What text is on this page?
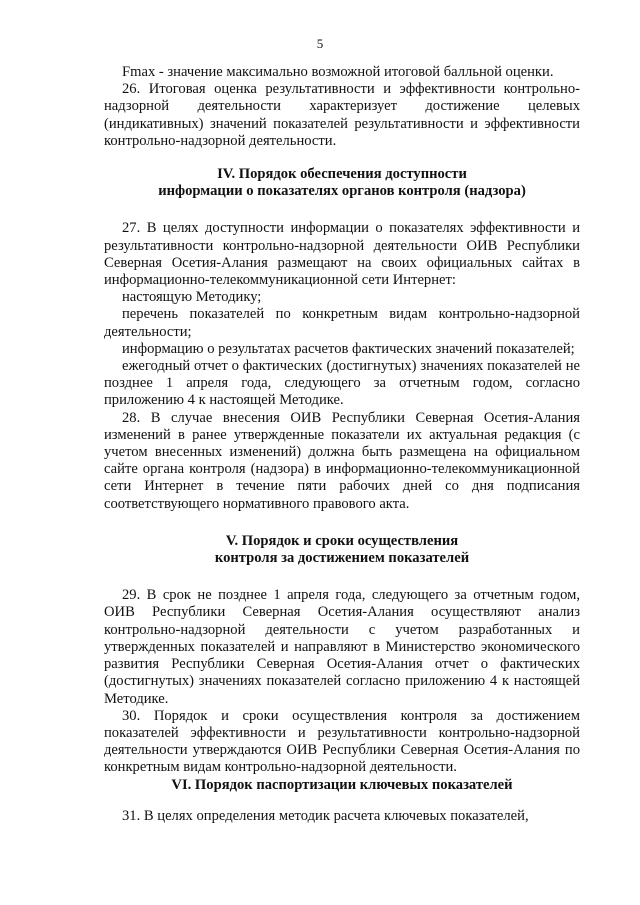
5

Fmax - значение максимально возможной итоговой балльной оценки.

26. Итоговая оценка результативности и эффективности контрольно-надзорной деятельности характеризует достижение целевых (индикативных) значений показателей результативности и эффективности контрольно-надзорной деятельности.

IV. Порядок обеспечения доступности

информации о показателях органов контроля (надзора)

27. В целях доступности информации о показателях эффективности и результативности контрольно-надзорной деятельности ОИВ Республики Северная Осетия-Алания размещают на своих официальных сайтах в информационно-телекоммуникационной сети Интернет:

настоящую Методику;

перечень показателей по конкретным видам контрольно-надзорной деятельности;

информацию о результатах расчетов фактических значений показателей;

ежегодный отчет о фактических (достигнутых) значениях показателей не позднее 1 апреля года, следующего за отчетным годом, согласно приложению 4 к настоящей Методике.

28. В случае внесения ОИВ Республики Северная Осетия-Алания изменений в ранее утвержденные показатели их актуальная редакция (с учетом внесенных изменений) должна быть размещена на официальном сайте органа контроля (надзора) в информационно-телекоммуникационной сети Интернет в течение пяти рабочих дней со дня подписания соответствующего нормативного правового акта.

V. Порядок и сроки осуществления

контроля за достижением показателей

29. В срок не позднее 1 апреля года, следующего за отчетным годом, ОИВ Республики Северная Осетия-Алания осуществляют анализ контрольно-надзорной деятельности с учетом разработанных и утвержденных показателей и направляют в Министерство экономического развития Республики Северная Осетия-Алания отчет о фактических (достигнутых) значениях показателей согласно приложению 4 к настоящей Методике.

30. Порядок и сроки осуществления контроля за достижением показателей эффективности и результативности контрольно-надзорной деятельности утверждаются ОИВ Республики Северная Осетия-Алания по конкретным видам контрольно-надзорной деятельности.

VI. Порядок паспортизации ключевых показателей

31. В целях определения методик расчета ключевых показателей,
